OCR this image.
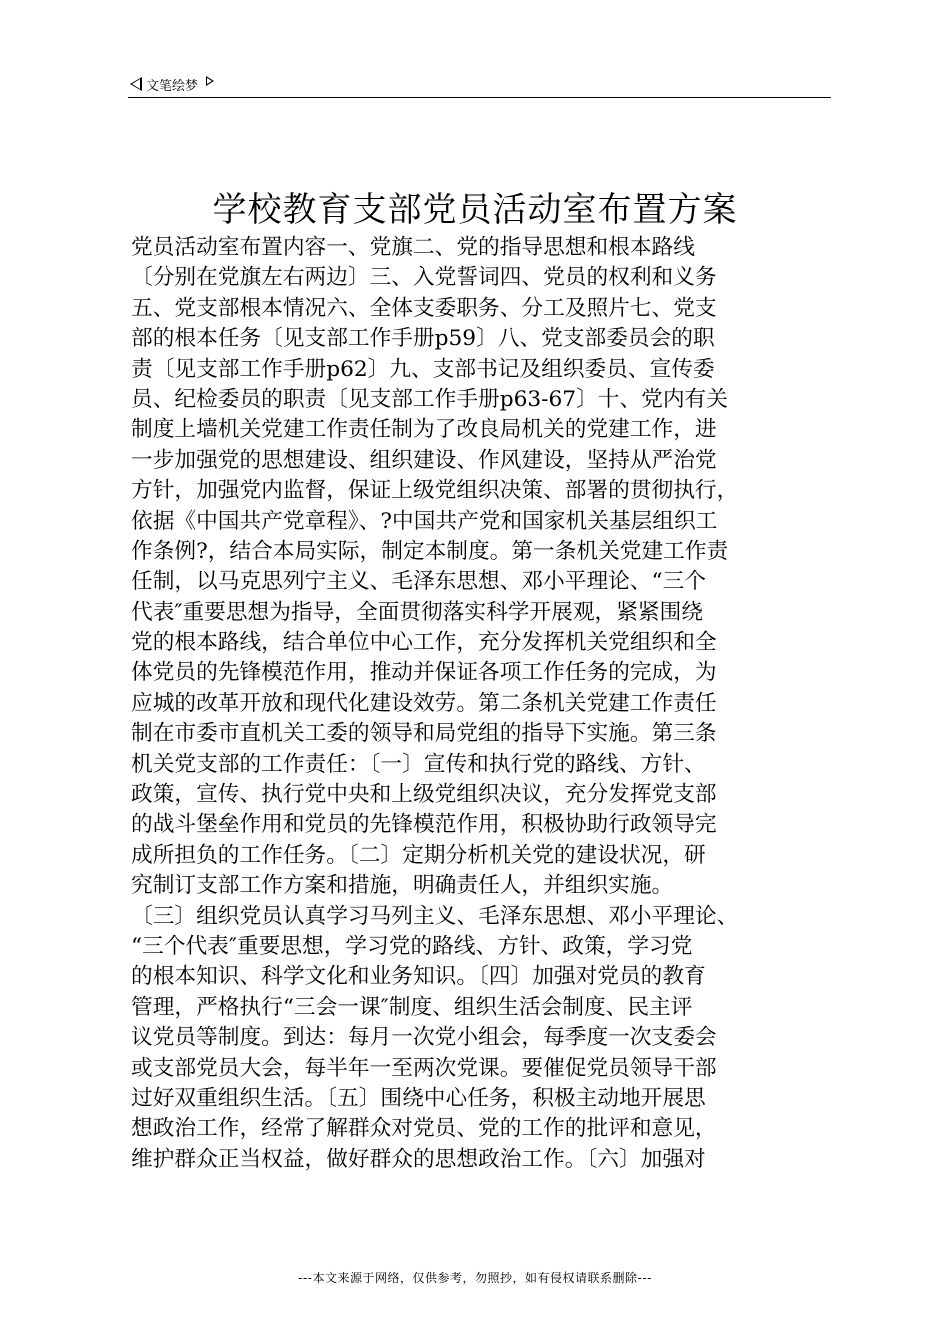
文笔绘梦
学校教育支部党员活动室布置方案
党员活动室布置内容一、党旗二、党的指导思想和根本路线
〔分别在党旗左右两边〕三、入党誓词四、党员的权利和义务
五、党支部根本情况六、全体支委职务、分工及照片七、党支
部的根本任务〔见支部工作手册p59〕八、党支部委员会的职
责〔见支部工作手册p62〕九、支部书记及组织委员、宣传委
员、纪检委员的职责〔见支部工作手册p63-67〕十、党内有关
制度上墙机关党建工作责任制为了改良局机关的党建工作，进
一步加强党的思想建设、组织建设、作风建设，坚持从严治党
方针，加强党内监督，保证上级党组织决策、部署的贯彻执行，
依据《中国共产党章程》、?中国共产党和国家机关基层组织工
作条例?，结合本局实际，制定本制度。第一条机关党建工作责
任制，以马克思列宁主义、毛泽东思想、邓小平理论、“三个
代表″重要思想为指导，全面贯彻落实科学开展观，紧紧围绕
党的根本路线，结合单位中心工作，充分发挥机关党组织和全
体党员的先锋模范作用，推动并保证各项工作任务的完成，为
应城的改革开放和现代化建设效劳。第二条机关党建工作责任
制在市委市直机关工委的领导和局党组的指导下实施。第三条
机关党支部的工作责任：〔一〕宣传和执行党的路线、方针、
政策，宣传、执行党中央和上级党组织决议，充分发挥党支部
的战斗堡垒作用和党员的先锋模范作用，积极协助行政领导完
成所担负的工作任务。〔二〕定期分析机关党的建设状况，研
究制订支部工作方案和措施，明确责任人，并组织实施。
〔三〕组织党员认真学习马列主义、毛泽东思想、邓小平理论、
“三个代表″重要思想，学习党的路线、方针、政策，学习党
的根本知识、科学文化和业务知识。〔四〕加强对党员的教育
管理，严格执行“三会一课″制度、组织生活会制度、民主评
议党员等制度。到达：每月一次党小组会，每季度一次支委会
或支部党员大会，每半年一至两次党课。要催促党员领导干部
过好双重组织生活。〔五〕围绕中心任务，积极主动地开展思
想政治工作，经常了解群众对党员、党的工作的批评和意见，
维护群众正当权益，做好群众的思想政治工作。〔六〕加强对
---本文来源于网络，仅供参考，勿照抄，如有侵权请联系删除---
